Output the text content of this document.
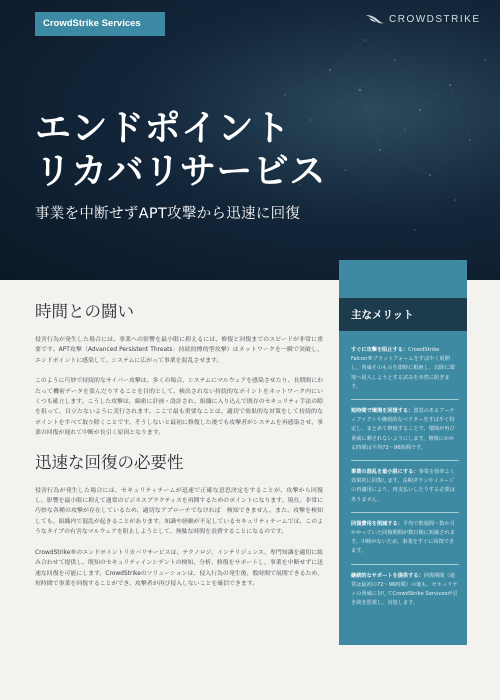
CrowdStrike Services	CROWDSTRIKE
エンドポイント
リカバリサービス
事業を中断せずAPT攻撃から迅速に回復
時間との闘い

侵害行為が発生した場合には、事業への影響を最小限に抑えるには、修復と回復までのスピードが非常に重要です。APT攻撃（Advanced Persistent Threats：持続的標的型攻撃）はネットワークを一瞬で突破し、エンドポイントに感染して、システムに広がって事業を混乱させます。

このように巧妙で持続的なサイバー攻撃は、多くの場合、システムにマルウェアを感染させたり、長期間にわたって機密データを盗んだりすることを目的として、検出されない持続的なポイントをネットワーク内にいくつも確立します。こうした攻撃は、綿密に計画・設計され、組織に入り込んで既存のセキュリティ手法の隙を狙って、目立たないように実行されます。ここで最も重要なことは、適切で効果的な対策をして持続的なポイントをすべて取り除くことです。そうしないと最初に修復した後でも攻撃者がシステムを再感染させ、事業の回復が遅れて中断が長引く原因となります。

迅速な回復の必要性

侵害行為が発生した場合には、セキュリティチームが迅速で正確な意思決定をすることが、攻撃から回復し、影響を最小限に抑えて通常のビジネスプラクティスを再開するためのポイントになります。現在、非常に巧妙な各種の攻撃が存在しているため、適切なアプローチでなければ　検知できません。また、攻撃を検知しても、組織内で混乱が起きることがあります。知識や経験が不足しているセキュリティチームでは、このようなタイプの有害なマルウェアを阻止しようとして、無駄な時間を浪費することになるのです。

CrowdStrike®のエンドポイントリカバリサービスは、テクノロジ、インテリジェンス、専門知識を適切に組み合わせて提供し、既知のセキュリティインシデントの検知、分析、修復をサポートし、事業を中断せずに迅速な回復を可能にします。CrowdStrikeのソリューションは、侵入行為の発生後、数時間で展開できるため、短時間で事業を回復することができ、攻撃者が再び侵入しないことを確信できます。

主なメリット
すぐに攻撃を阻止する：CrowdStrike Falcon®プラットフォームをすばやく展開し、脅威そのものを即時に根絶し、以降に環境へ侵入しようとする試みを未然に防ぎます。
短時間で環境を回復する：悪意のあるアーティファクトや継続的なベクターをすばやく特定し、まとめて修復することで、環境が再び脅威に晒されないようにします。修復にかかる時間は平均72～96時間です。
事業の混乱を最小限にする：事業を効率よく効果的に回復します。長期ダウンやイメージの再適用により、再支払いしたりする必要はありません。
回復費用を削減する：平均で数週間～数か月かかっていた回復期間が数日間に短縮されます。中断がないため、事業をすぐに回復できます。
継続的なサポートを提供する：回復期間（通常は最初の72～96時間）の後も、セキュリティの脅威に対してCrowdStrike Servicesが引き続き監視し、対処します。
